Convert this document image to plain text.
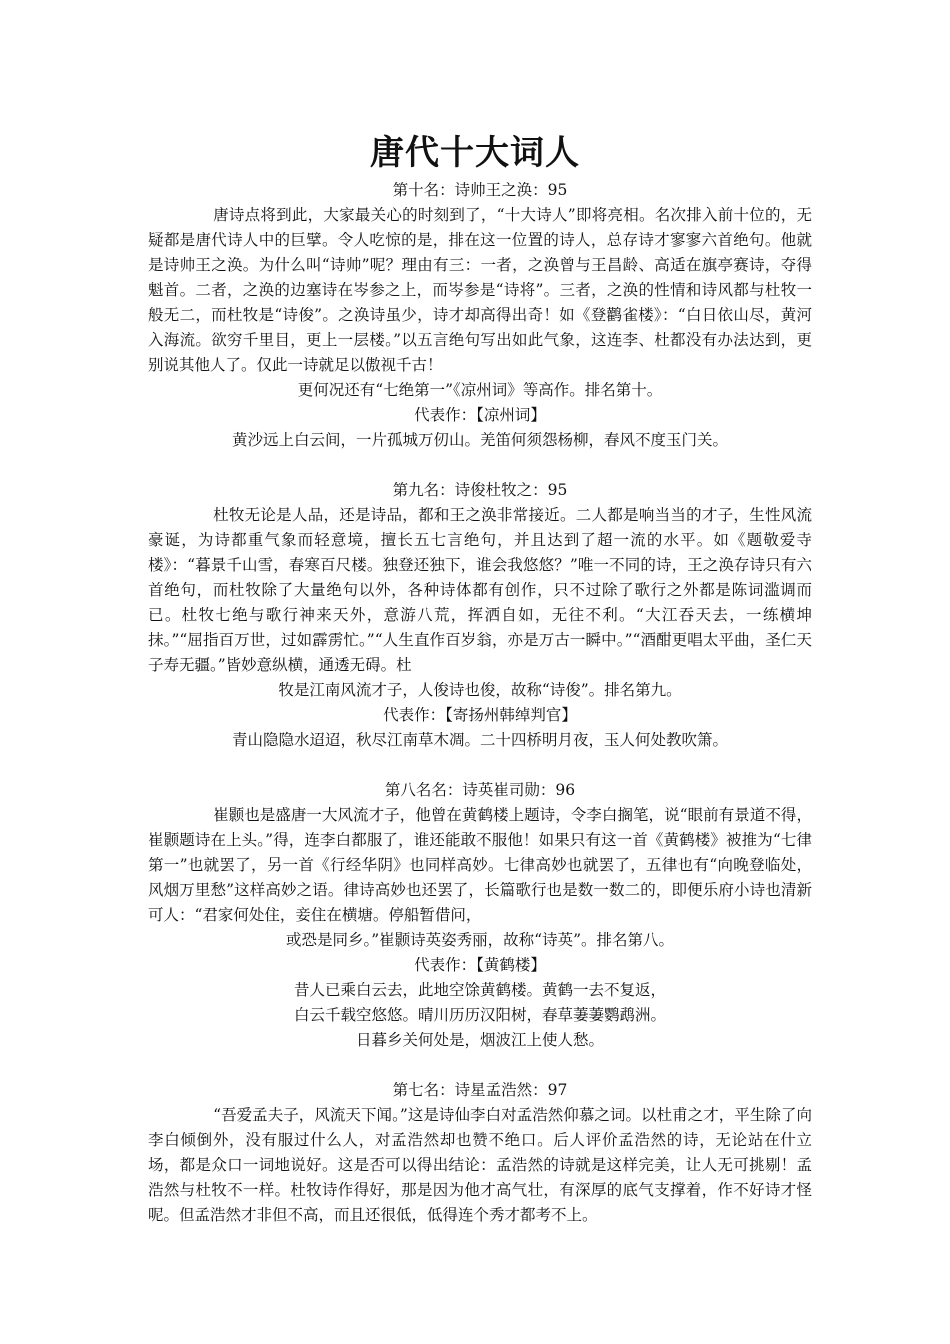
唐代十大词人
第十名：诗帅王之涣：95

唐诗点将到此，大家最关心的时刻到了，“十大诗人”即将亮相。名次排入前十位的，无疑都是唐代诗人中的巨擘。令人吃惊的是，排在这一位置的诗人，总存诗才寥寥六首绝句。他就是诗帅王之涣。为什么叫“诗帅”呢？理由有三：一者，之涣曾与王昌龄、高适在旗亭赛诗，夺得魁首。二者，之涣的边塞诗在岑参之上，而岑参是“诗将”。三者，之涣的性情和诗风都与杜牧一般无二，而杜牧是“诗俊”。之涣诗虽少，诗才却高得出奇！如《登鹳雀楼》：“白日依山尽，黄河入海流。欲穷千里目，更上一层楼。”以五言绝句写出如此气象，这连李、杜都没有办法达到，更别说其他人了。仅此一诗就足以傲视千古！
更何况还有“七绝第一”《凉州词》等高作。排名第十。

代表作：【凉州词】
黄沙远上白云间，一片孤城万仞山。羌笛何须怨杨柳，春风不度玉门关。
第九名：诗俊杜牧之：95

杜牧无论是人品，还是诗品，都和王之涣非常接近。二人都是响当当的才子，生性风流豪诞，为诗都重气象而轻意境，擅长五七言绝句，并且达到了超一流的水平。如《题敬爱寺楼》：“暮景千山雪，春寒百尺楼。独登还独下，谁会我悠悠？”唯一不同的诗，王之涣存诗只有六首绝句，而杜牧除了大量绝句以外，各种诗体都有创作，只不过除了歌行之外都是陈词滥调而已。杜牧七绝与歌行神来天外，意游八荒，挥洒自如，无往不利。“大江吞天去，一练横坤抹。”“屈指百万世，过如霹雳忙。”“人生直作百岁翁，亦是万古一瞬中。”“酒酣更唱太平曲，圣仁天子寿无疆。”皆妙意纵横，通透无碍。杜
牧是江南风流才子，人俊诗也俊，故称“诗俊”。排名第九。

代表作：【寄扬州韩绰判官】
青山隐隐水迢迢，秋尽江南草木凋。二十四桥明月夜，玉人何处教吹箫。
第八名名：诗英崔司勋：96

崔颢也是盛唐一大风流才子，他曾在黄鹤楼上题诗，令李白搁笔，说“眼前有景道不得，崔颢题诗在上头。”得，连李白都服了，谁还能敢不服他！如果只有这一首《黄鹤楼》被推为“七律第一”也就罢了，另一首《行经华阴》也同样高妙。七律高妙也就罢了，五律也有“向晚登临处，风烟万里愁”这样高妙之语。律诗高妙也还罢了，长篇歌行也是数一数二的，即便乐府小诗也清新可人：“君家何处住，妾住在横塘。停船暂借问，
或恐是同乡。”崔颢诗英姿秀丽，故称“诗英”。排名第八。

代表作：【黄鹤楼】
昔人已乘白云去，此地空馀黄鹤楼。黄鹤一去不复返，
白云千载空悠悠。晴川历历汉阳树，春草萋萋鹦鹉洲。
日暮乡关何处是，烟波江上使人愁。
第七名：诗星孟浩然：97

“吾爱孟夫子，风流天下闻。”这是诗仙李白对孟浩然仰慕之词。以杜甫之才，平生除了向李白倾倒外，没有服过什么人，对孟浩然却也赞不绝口。后人评价孟浩然的诗，无论站在什立场，都是众口一词地说好。这是否可以得出结论：孟浩然的诗就是这样完美，让人无可挑剔！孟浩然与杜牧不一样。杜牧诗作得好，那是因为他才高气壮，有深厚的底气支撑着，作不好诗才怪呢。但孟浩然才非但不高，而且还很低，低得连个秀才都考不上。
